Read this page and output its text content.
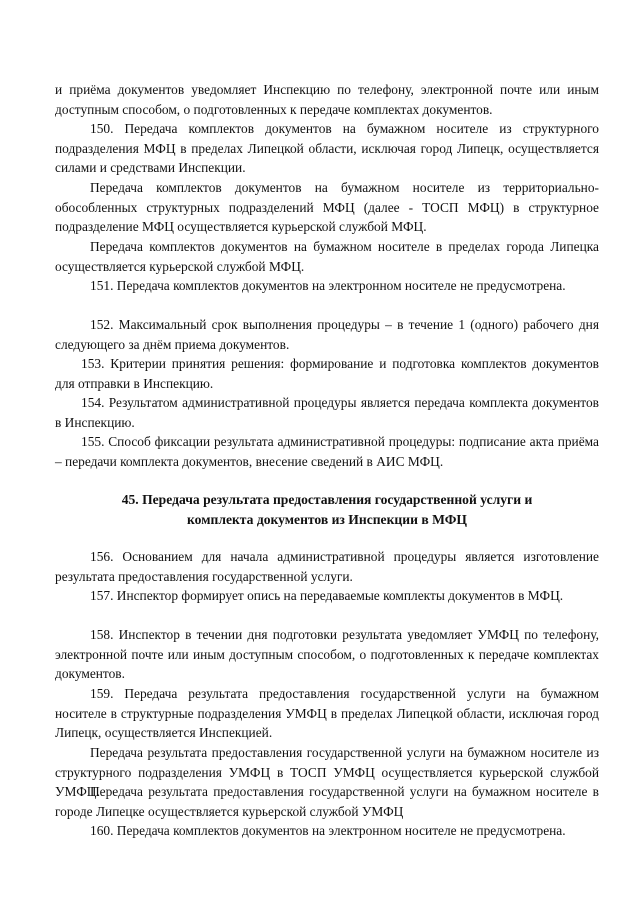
и приёма документов уведомляет Инспекцию по телефону, электронной почте или иным доступным способом, о подготовленных к передаче комплектах документов.

150. Передача комплектов документов на бумажном носителе из структурного подразделения МФЦ в пределах Липецкой области, исключая город Липецк, осуществляется силами и средствами Инспекции.

Передача комплектов документов на бумажном носителе из территориально-обособленных структурных подразделений МФЦ (далее - ТОСП МФЦ) в структурное подразделение МФЦ осуществляется курьерской службой МФЦ.

Передача комплектов документов на бумажном носителе в пределах города Липецка осуществляется курьерской службой МФЦ.

151. Передача комплектов документов на электронном носителе не предусмотрена.

152. Максимальный срок выполнения процедуры – в течение 1 (одного) рабочего дня следующего за днём приема документов.

153. Критерии принятия решения: формирование и подготовка комплектов документов для отправки в Инспекцию.

154. Результатом административной процедуры является передача комплекта документов в Инспекцию.

155. Способ фиксации результата административной процедуры: подписание акта приёма – передачи комплекта документов, внесение сведений в АИС МФЦ.

45. Передача результата предоставления государственной услуги и
комплекта документов из Инспекции в МФЦ

156. Основанием для начала административной процедуры является изготовление результата предоставления государственной услуги.

157. Инспектор формирует опись на передаваемые комплекты документов в МФЦ.

158. Инспектор в течении дня подготовки результата уведомляет УМФЦ по телефону, электронной почте или иным доступным способом, о подготовленных к передаче комплектах документов.

159. Передача результата предоставления государственной услуги на бумажном носителе в структурные подразделения УМФЦ в пределах Липецкой области, исключая город Липецк, осуществляется Инспекцией.

Передача результата предоставления государственной услуги на бумажном носителе из структурного подразделения УМФЦ в ТОСП УМФЦ осуществляется курьерской службой УМФЦ.

Передача результата предоставления государственной услуги на бумажном носителе в городе Липецке осуществляется курьерской службой УМФЦ

160. Передача комплектов документов на электронном носителе не предусмотрена.
